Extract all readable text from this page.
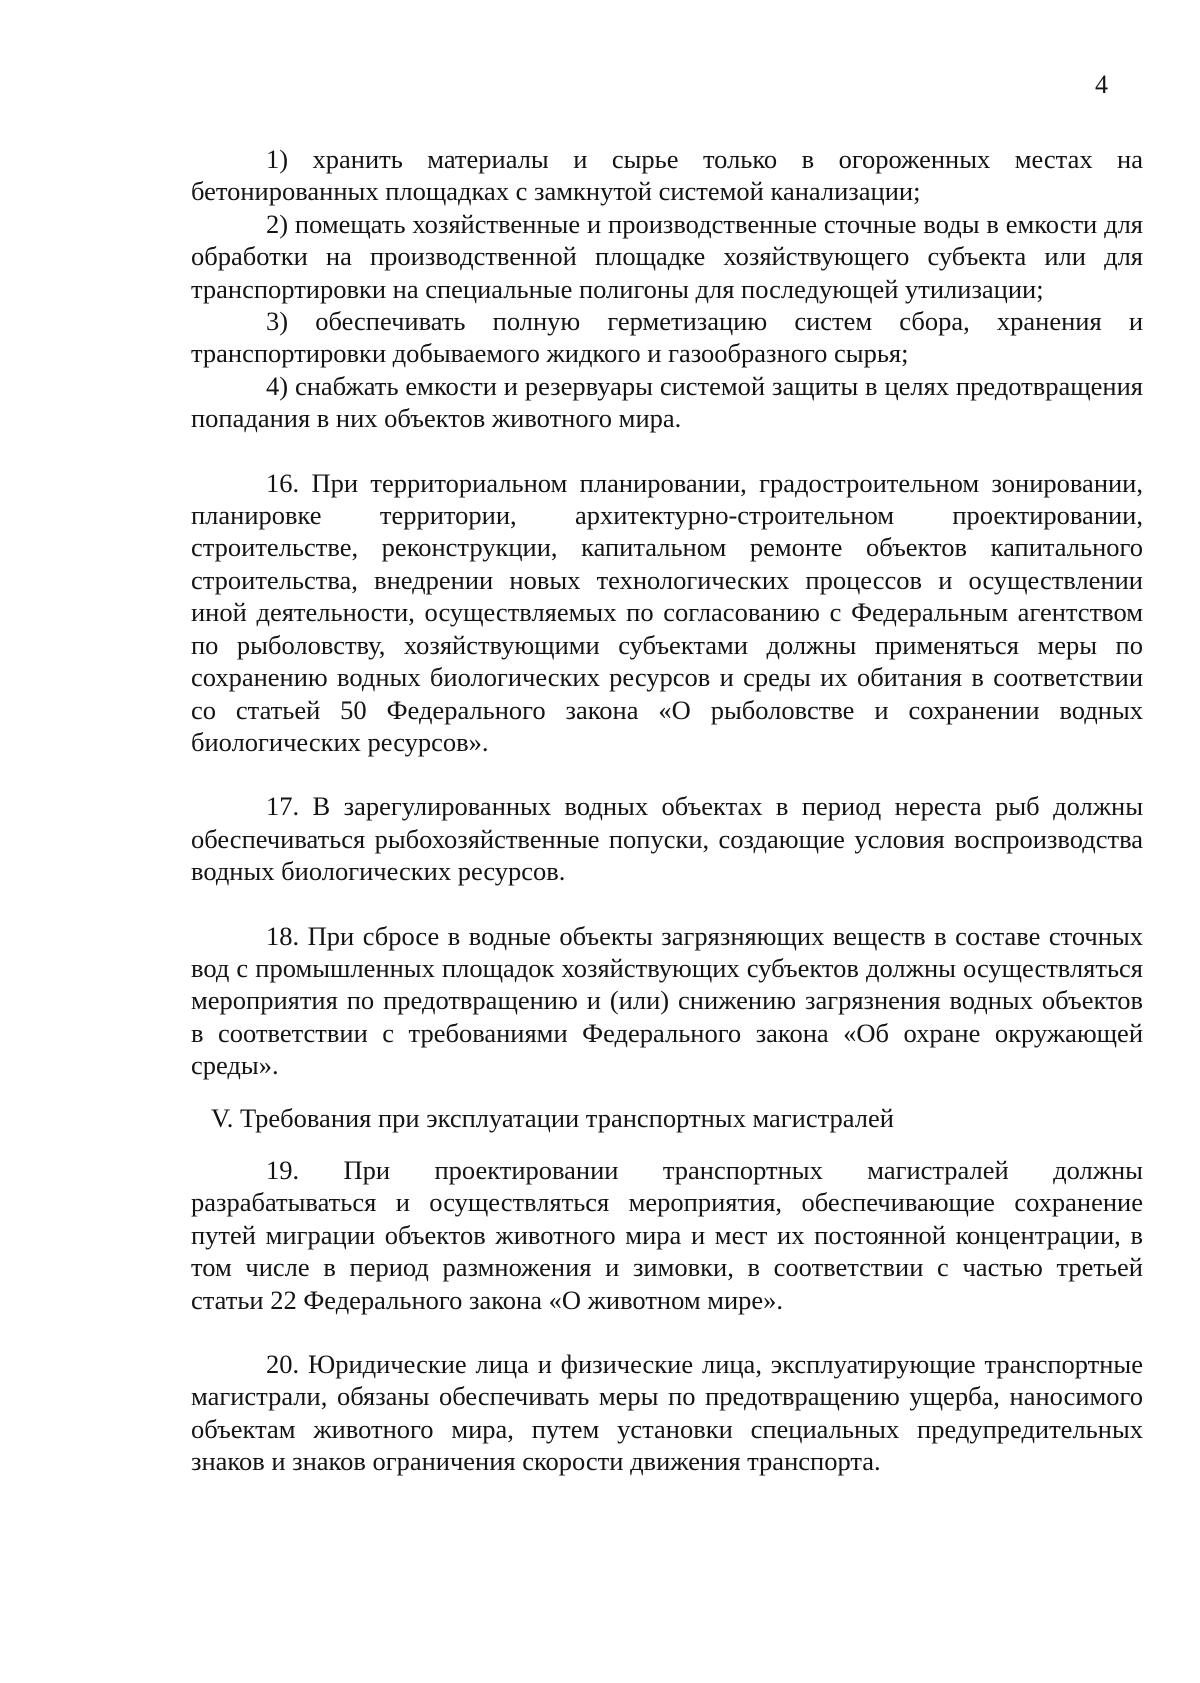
4

1) хранить материалы и сырье только в огороженных местах на бетонированных площадках с замкнутой системой канализации;

2) помещать хозяйственные и производственные сточные воды в емкости для обработки на производственной площадке хозяйствующего субъекта или для транспортировки на специальные полигоны для последующей утилизации;

3) обеспечивать полную герметизацию систем сбора, хранения и транспортировки добываемого жидкого и газообразного сырья;

4) снабжать емкости и резервуары системой защиты в целях предотвращения попадания в них объектов животного мира.

16. При территориальном планировании, градостроительном зонировании, планировке территории, архитектурно-строительном проектировании, строительстве, реконструкции, капитальном ремонте объектов капитального строительства, внедрении новых технологических процессов и осуществлении иной деятельности, осуществляемых по согласованию с Федеральным агентством по рыболовству, хозяйствующими субъектами должны применяться меры по сохранению водных биологических ресурсов и среды их обитания в соответствии со статьей 50 Федерального закона «О рыболовстве и сохранении водных биологических ресурсов».

17. В зарегулированных водных объектах в период нереста рыб должны обеспечиваться рыбохозяйственные попуски, создающие условия воспроизводства водных биологических ресурсов.

18. При сбросе в водные объекты загрязняющих веществ в составе сточных вод с промышленных площадок хозяйствующих субъектов должны осуществляться мероприятия по предотвращению и (или) снижению загрязнения водных объектов в соответствии с требованиями Федерального закона «Об охране окружающей среды».

V. Требования при эксплуатации транспортных магистралей

19. При проектировании транспортных магистралей должны разрабатываться и осуществляться мероприятия, обеспечивающие сохранение путей миграции объектов животного мира и мест их постоянной концентрации, в том числе в период размножения и зимовки, в соответствии с частью третьей статьи 22 Федерального закона «О животном мире».

20. Юридические лица и физические лица, эксплуатирующие транспортные магистрали, обязаны обеспечивать меры по предотвращению ущерба, наносимого объектам животного мира, путем установки специальных предупредительных знаков и знаков ограничения скорости движения транспорта.
